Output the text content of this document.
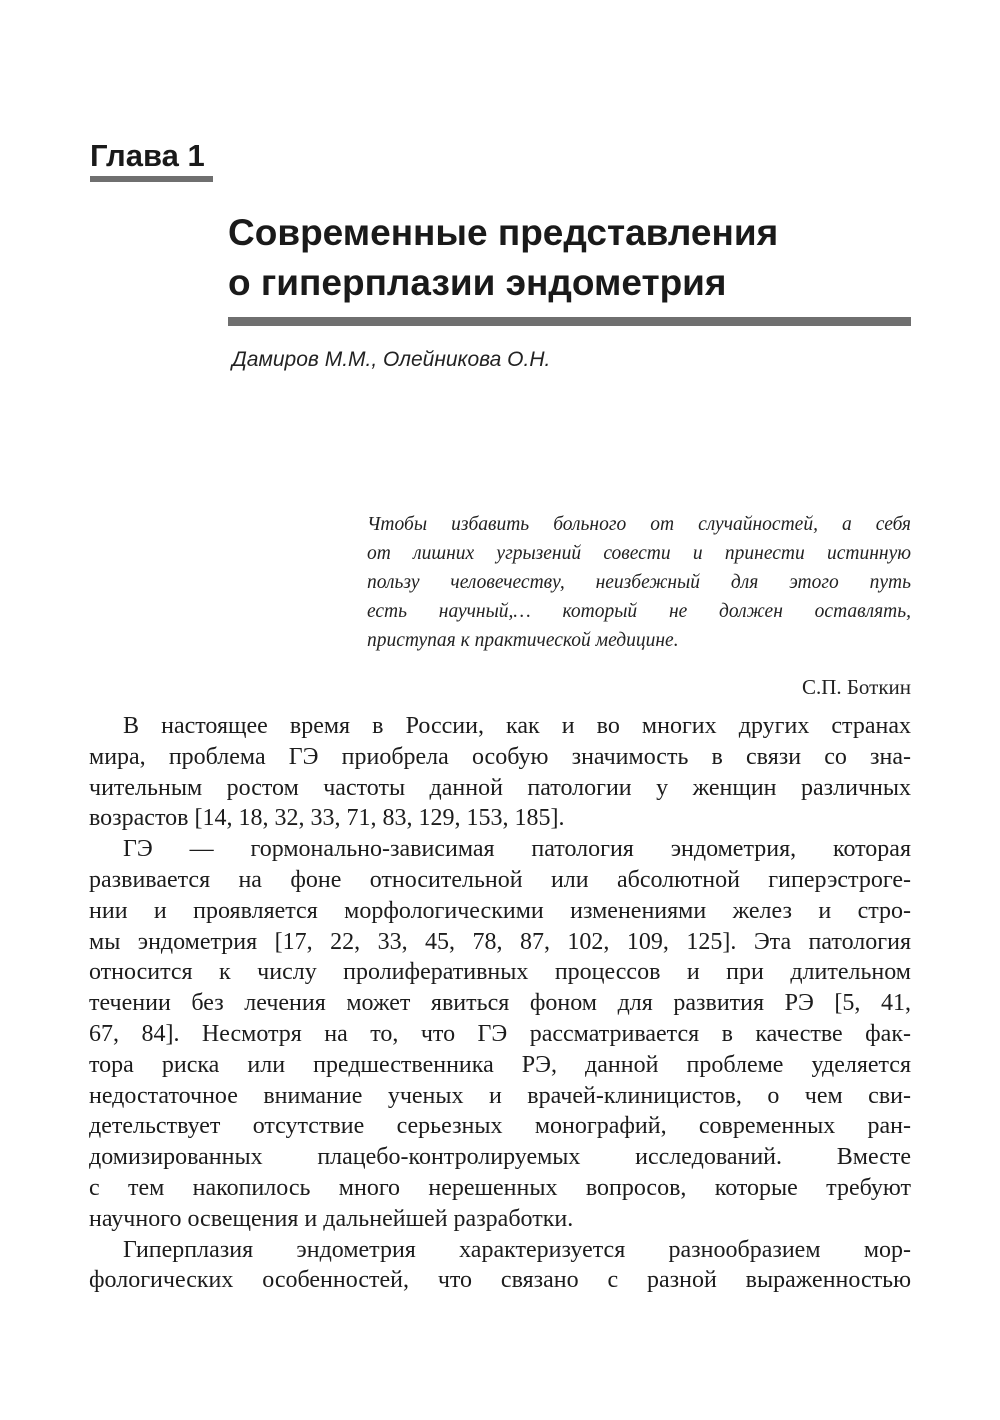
Глава 1
Современные представления
о гиперплазии эндометрия

Дамиров М.М., Олейникова О.Н.

Чтобы избавить больного от случайностей, а себя
от лишних угрызений совести и принести истинную
пользу человечеству, неизбежный для этого путь
есть научный,… который не должен оставлять,
приступая к практической медицине.

С.П. Боткин

В настоящее время в России, как и во многих других странах
мира, проблема ГЭ приобрела особую значимость в связи со зна-
чительным ростом частоты данной патологии у женщин различных
возрастов [14, 18, 32, 33, 71, 83, 129, 153, 185].

ГЭ — гормонально-зависимая патология эндометрия, которая
развивается на фоне относительной или абсолютной гиперэстроге-
нии и проявляется морфологическими изменениями желез и стро-
мы эндометрия [17, 22, 33, 45, 78, 87, 102, 109, 125]. Эта патология
относится к числу пролиферативных процессов и при длительном
течении без лечения может явиться фоном для развития РЭ [5, 41,
67, 84]. Несмотря на то, что ГЭ рассматривается в качестве фак-
тора риска или предшественника РЭ, данной проблеме уделяется
недостаточное внимание ученых и врачей-клиницистов, о чем сви-
детельствует отсутствие серьезных монографий, современных ран-
домизированных плацебо-контролируемых исследований. Вместе
с тем накопилось много нерешенных вопросов, которые требуют
научного освещения и дальнейшей разработки.

Гиперплазия эндометрия характеризуется разнообразием мор-
фологических особенностей, что связано с разной выраженностью
